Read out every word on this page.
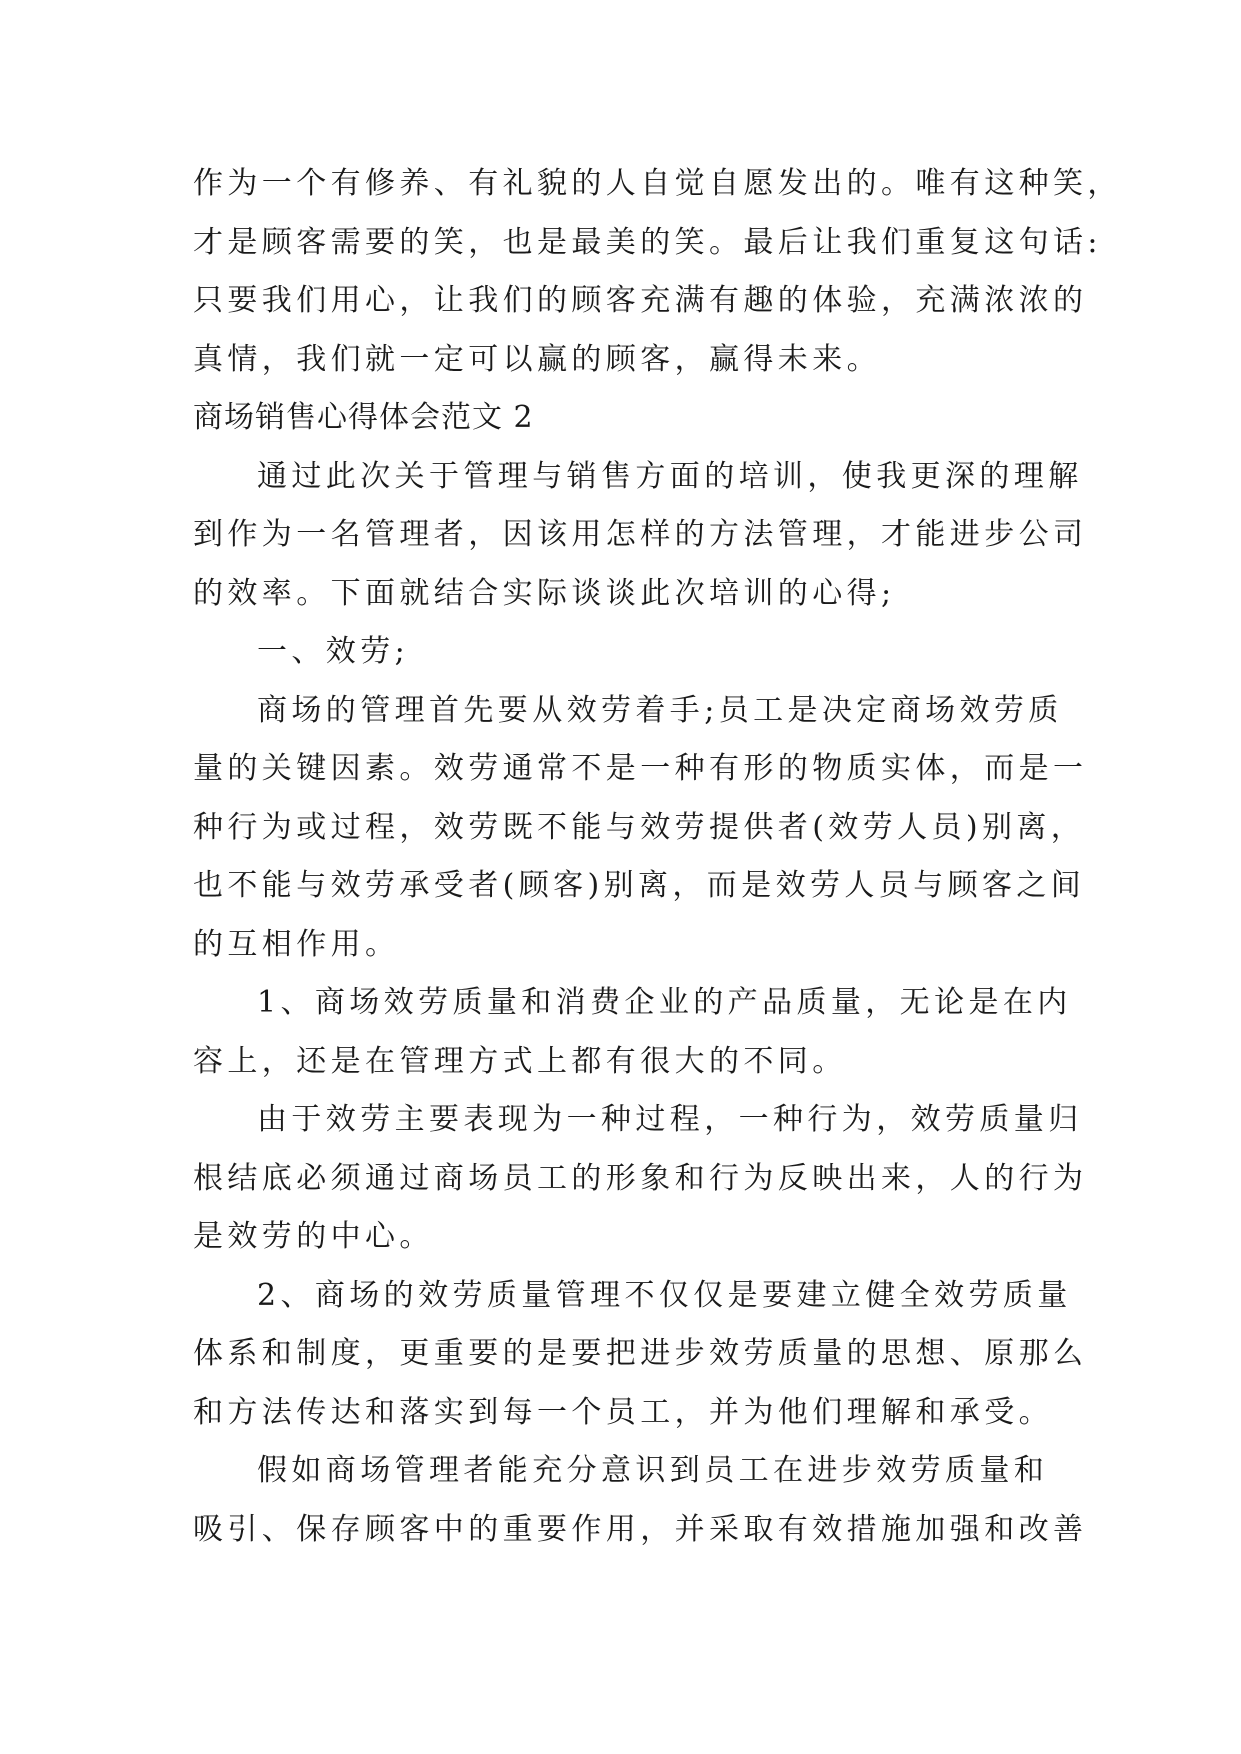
作为一个有修养、有礼貌的人自觉自愿发出的。唯有这种笑，
才是顾客需要的笑，也是最美的笑。最后让我们重复这句话:
只要我们用心，让我们的顾客充满有趣的体验，充满浓浓的
真情，我们就一定可以赢的顾客，赢得未来。
商场销售心得体会范文 2
通过此次关于管理与销售方面的培训，使我更深的理解
到作为一名管理者，因该用怎样的方法管理，才能进步公司
的效率。下面就结合实际谈谈此次培训的心得;
一、效劳;
商场的管理首先要从效劳着手;员工是决定商场效劳质
量的关键因素。效劳通常不是一种有形的物质实体，而是一
种行为或过程，效劳既不能与效劳提供者(效劳人员)别离，
也不能与效劳承受者(顾客)别离，而是效劳人员与顾客之间
的互相作用。
1、商场效劳质量和消费企业的产品质量，无论是在内
容上，还是在管理方式上都有很大的不同。
由于效劳主要表现为一种过程，一种行为，效劳质量归
根结底必须通过商场员工的形象和行为反映出来，人的行为
是效劳的中心。
2、商场的效劳质量管理不仅仅是要建立健全效劳质量
体系和制度，更重要的是要把进步效劳质量的思想、原那么
和方法传达和落实到每一个员工，并为他们理解和承受。
假如商场管理者能充分意识到员工在进步效劳质量和
吸引、保存顾客中的重要作用，并采取有效措施加强和改善
